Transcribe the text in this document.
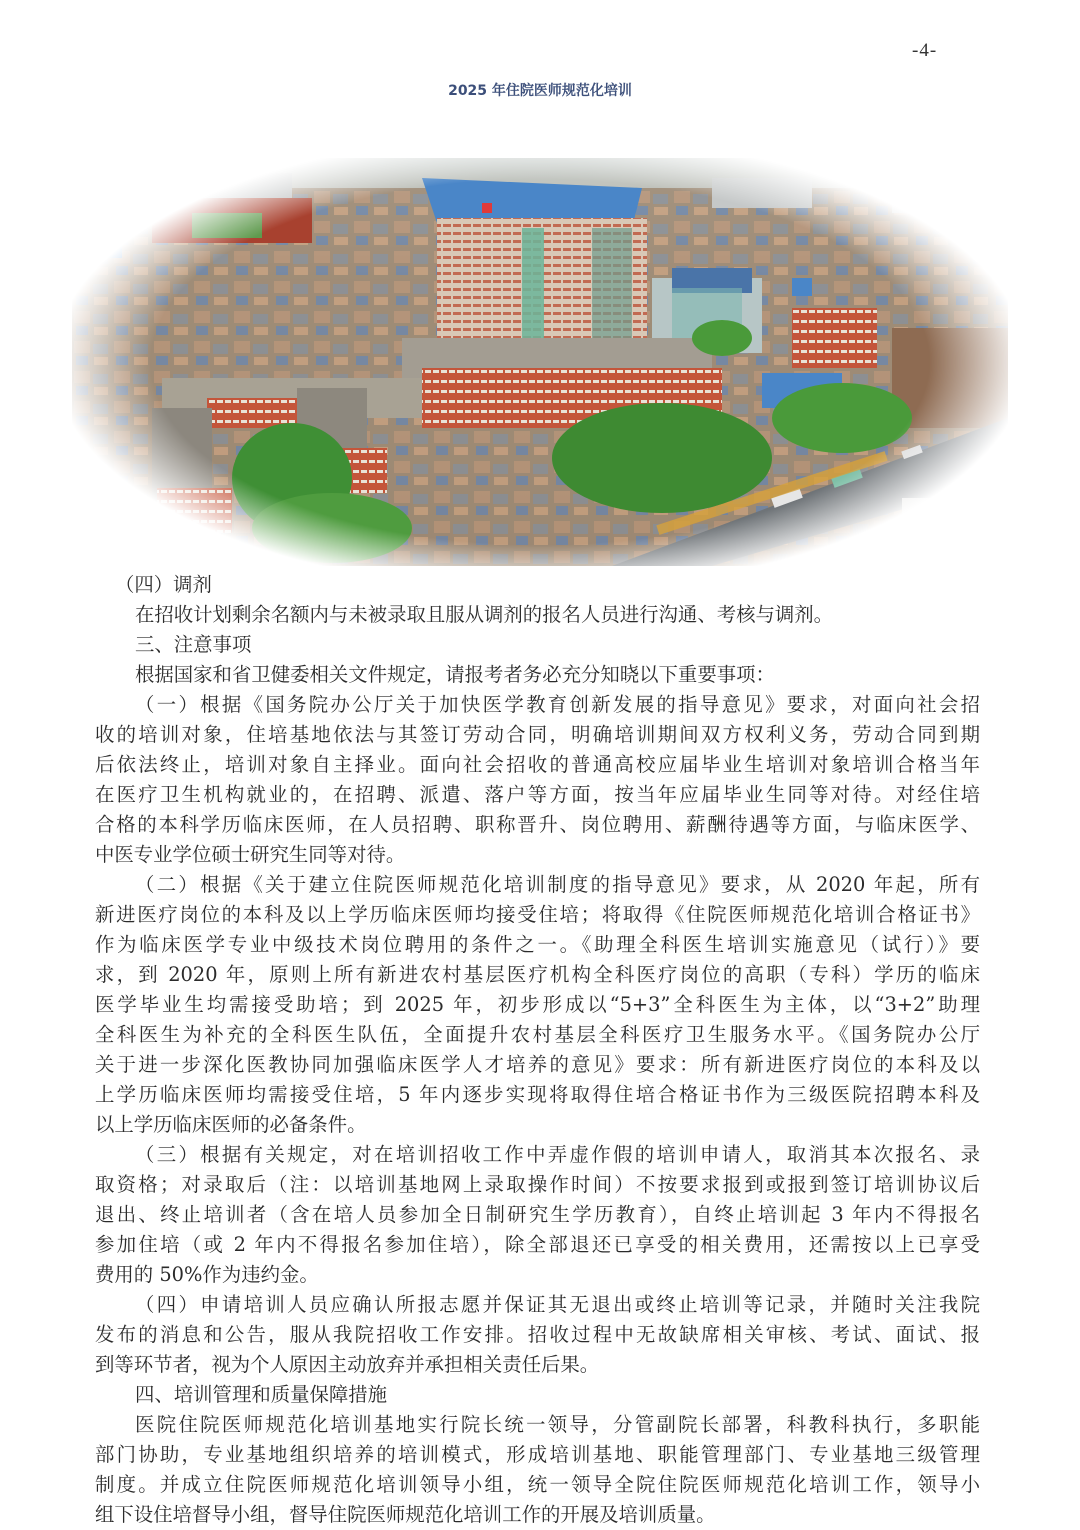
-4-
2025 年住院医师规范化培训
（四）调剂
在招收计划剩余名额内与未被录取且服从调剂的报名人员进行沟通、考核与调剂。
三、注意事项
根据国家和省卫健委相关文件规定，请报考者务必充分知晓以下重要事项：
（一）根据《国务院办公厅关于加快医学教育创新发展的指导意见》要求，对面向社会招
收的培训对象，住培基地依法与其签订劳动合同，明确培训期间双方权利义务，劳动合同到期
后依法终止，培训对象自主择业。面向社会招收的普通高校应届毕业生培训对象培训合格当年
在医疗卫生机构就业的，在招聘、派遣、落户等方面，按当年应届毕业生同等对待。对经住培
合格的本科学历临床医师，在人员招聘、职称晋升、岗位聘用、薪酬待遇等方面，与临床医学、
中医专业学位硕士研究生同等对待。
（二）根据《关于建立住院医师规范化培训制度的指导意见》要求，从 2020 年起，所有
新进医疗岗位的本科及以上学历临床医师均接受住培；将取得《住院医师规范化培训合格证书》
作为临床医学专业中级技术岗位聘用的条件之一。《助理全科医生培训实施意见（试行）》要
求，到 2020 年，原则上所有新进农村基层医疗机构全科医疗岗位的高职（专科）学历的临床
医学毕业生均需接受助培；到 2025 年，初步形成以“5+3”全科医生为主体，以“3+2”助理
全科医生为补充的全科医生队伍，全面提升农村基层全科医疗卫生服务水平。《国务院办公厅
关于进一步深化医教协同加强临床医学人才培养的意见》要求：所有新进医疗岗位的本科及以
上学历临床医师均需接受住培，5 年内逐步实现将取得住培合格证书作为三级医院招聘本科及
以上学历临床医师的必备条件。
（三）根据有关规定，对在培训招收工作中弄虚作假的培训申请人，取消其本次报名、录
取资格；对录取后（注：以培训基地网上录取操作时间）不按要求报到或报到签订培训协议后
退出、终止培训者（含在培人员参加全日制研究生学历教育），自终止培训起 3 年内不得报名
参加住培（或 2 年内不得报名参加住培），除全部退还已享受的相关费用，还需按以上已享受
费用的 50%作为违约金。
（四）申请培训人员应确认所报志愿并保证其无退出或终止培训等记录，并随时关注我院
发布的消息和公告，服从我院招收工作安排。招收过程中无故缺席相关审核、考试、面试、报
到等环节者，视为个人原因主动放弃并承担相关责任后果。
四、培训管理和质量保障措施
医院住院医师规范化培训基地实行院长统一领导，分管副院长部署，科教科执行，多职能
部门协助，专业基地组织培养的培训模式，形成培训基地、职能管理部门、专业基地三级管理
制度。并成立住院医师规范化培训领导小组，统一领导全院住院医师规范化培训工作，领导小
组下设住培督导小组，督导住院医师规范化培训工作的开展及培训质量。
